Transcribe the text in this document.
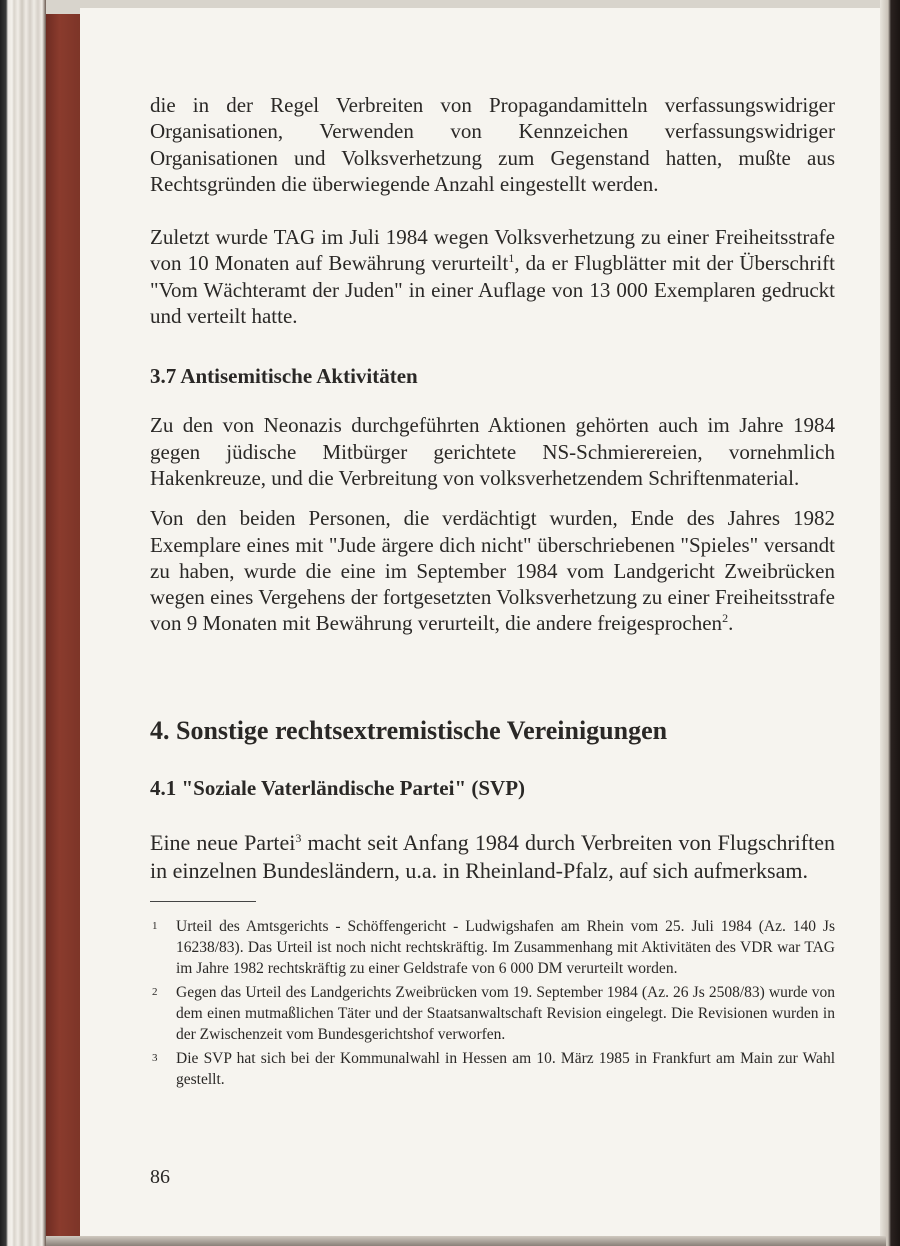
die in der Regel Verbreiten von Propagandamitteln verfassungswidriger Organisationen, Verwenden von Kennzeichen verfassungswidriger Organisationen und Volksverhetzung zum Gegenstand hatten, mußte aus Rechtsgründen die überwiegende Anzahl eingestellt werden.

Zuletzt wurde TAG im Juli 1984 wegen Volksverhetzung zu einer Freiheitsstrafe von 10 Monaten auf Bewährung verurteilt$^1$, da er Flugblätter mit der Überschrift "Vom Wächteramt der Juden" in einer Auflage von 13 000 Exemplaren gedruckt und verteilt hatte.

3.7 Antisemitische Aktivitäten

Zu den von Neonazis durchgeführten Aktionen gehörten auch im Jahre 1984 gegen jüdische Mitbürger gerichtete NS-Schmierereien, vornehmlich Hakenkreuze, und die Verbreitung von volksverhetzendem Schriftenmaterial.

Von den beiden Personen, die verdächtigt wurden, Ende des Jahres 1982 Exemplare eines mit "Jude ärgere dich nicht" überschriebenen "Spieles" versandt zu haben, wurde die eine im September 1984 vom Landgericht Zweibrücken wegen eines Vergehens der fortgesetzten Volksverhetzung zu einer Freiheitsstrafe von 9 Monaten mit Bewährung verurteilt, die andere freigesprochen$^2$.

4. Sonstige rechtsextremistische Vereinigungen
4.1 "Soziale Vaterländische Partei" (SVP)

Eine neue Partei$^3$ macht seit Anfang 1984 durch Verbreiten von Flugschriften in einzelnen Bundesländern, u.a. in Rheinland-Pfalz, auf sich aufmerksam.

1 Urteil des Amtsgerichts - Schöffengericht - Ludwigshafen am Rhein vom 25. Juli 1984 (Az. 140 Js 16238/83). Das Urteil ist noch nicht rechtskräftig. Im Zusammenhang mit Aktivitäten des VDR war TAG im Jahre 1982 rechtskräftig zu einer Geldstrafe von 6 000 DM verurteilt worden.
2 Gegen das Urteil des Landgerichts Zweibrücken vom 19. September 1984 (Az. 26 Js 2508/83) wurde von dem einen mutmaßlichen Täter und der Staatsanwaltschaft Revision eingelegt. Die Revisionen wurden in der Zwischenzeit vom Bundesgerichtshof verworfen.
3 Die SVP hat sich bei der Kommunalwahl in Hessen am 10. März 1985 in Frankfurt am Main zur Wahl gestellt.
86
